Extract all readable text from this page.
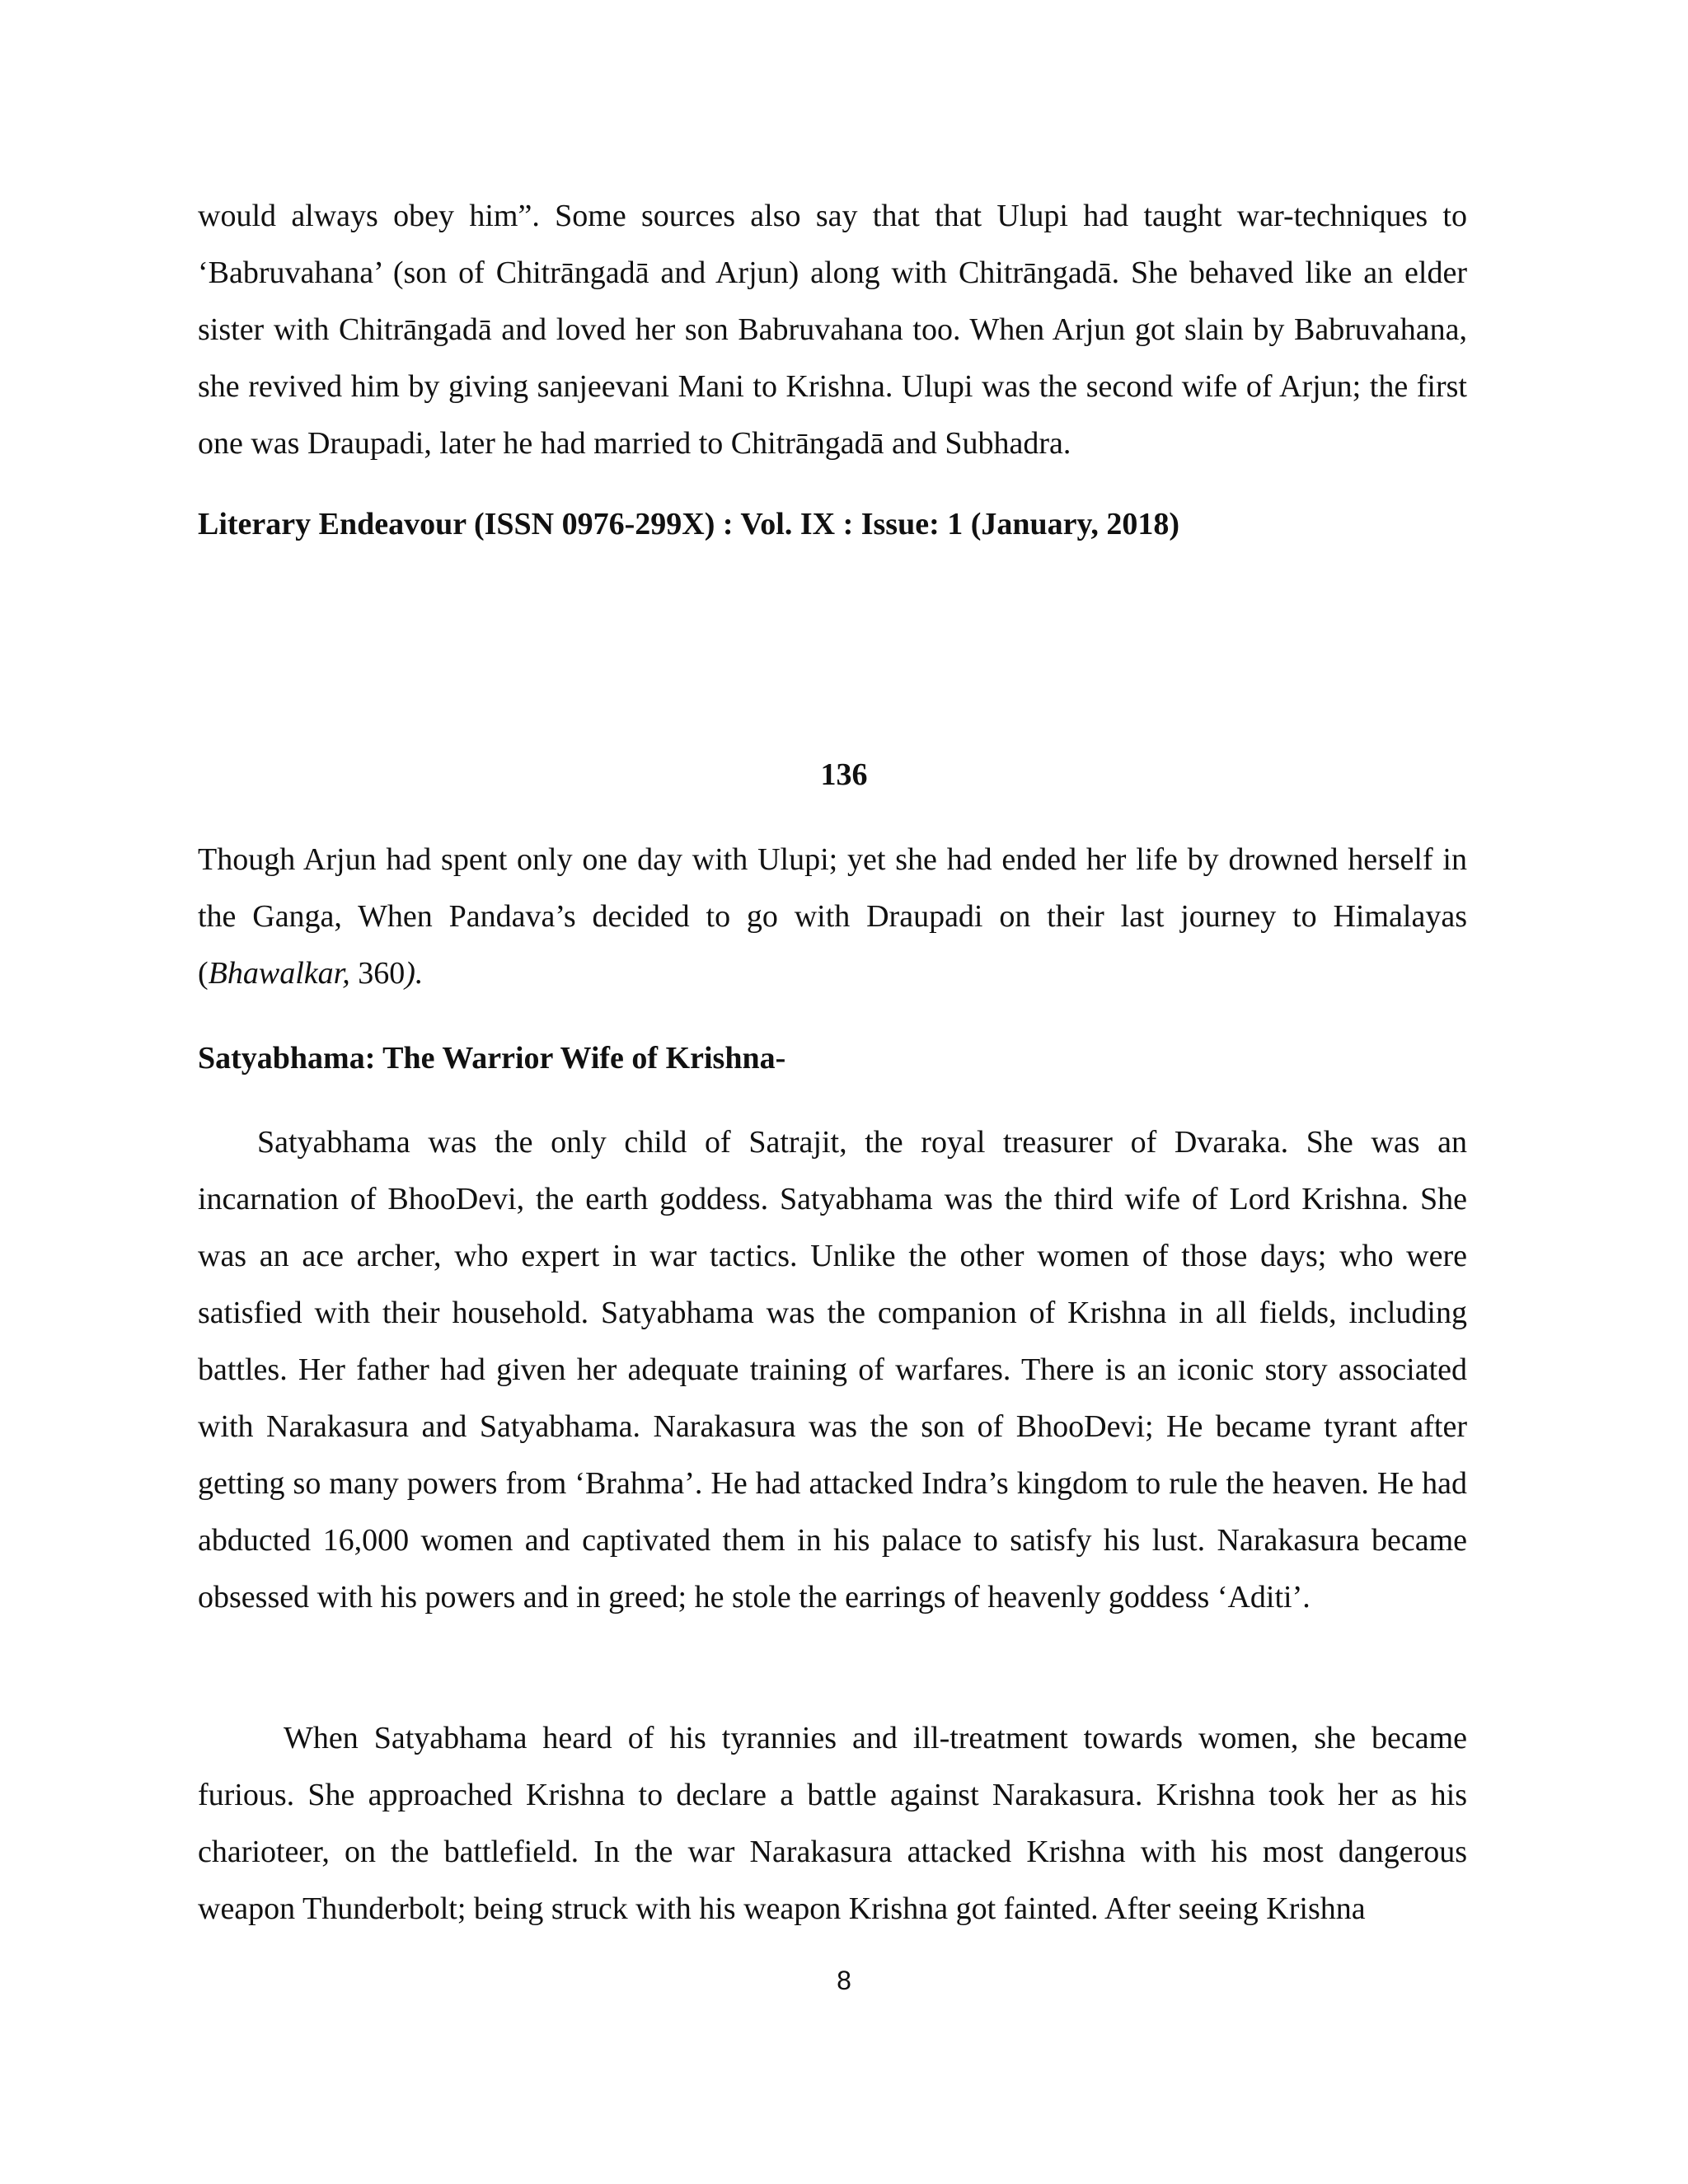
would always obey him”. Some sources also say that that Ulupi had taught war-techniques to ‘Babruvahana’ (son of Chitrāngadā and Arjun) along with Chitrāngadā. She behaved like an elder sister with Chitrāngadā and loved her son Babruvahana too. When Arjun got slain by Babruvahana, she revived him by giving sanjeevani Mani to Krishna. Ulupi was the second wife of Arjun; the first one was Draupadi, later he had married to Chitrāngadā and Subhadra.

Literary Endeavour (ISSN 0976-299X) : Vol. IX : Issue: 1 (January, 2018)

136

Though Arjun had spent only one day with Ulupi; yet she had ended her life by drowned herself in the Ganga, When Pandava’s decided to go with Draupadi on their last journey to Himalayas (Bhawalkar, 360).

Satyabhama: The Warrior Wife of Krishna-

Satyabhama was the only child of Satrajit, the royal treasurer of Dvaraka. She was an incarnation of BhooDevi, the earth goddess. Satyabhama was the third wife of Lord Krishna. She was an ace archer, who expert in war tactics. Unlike the other women of those days; who were satisfied with their household. Satyabhama was the companion of Krishna in all fields, including battles. Her father had given her adequate training of warfares. There is an iconic story associated with Narakasura and Satyabhama. Narakasura was the son of BhooDevi; He became tyrant after getting so many powers from ‘Brahma’. He had attacked Indra’s kingdom to rule the heaven. He had abducted 16,000 women and captivated them in his palace to satisfy his lust. Narakasura became obsessed with his powers and in greed; he stole the earrings of heavenly goddess ‘Aditi’.

When Satyabhama heard of his tyrannies and ill-treatment towards women, she became furious. She approached Krishna to declare a battle against Narakasura. Krishna took her as his charioteer, on the battlefield. In the war Narakasura attacked Krishna with his most dangerous weapon Thunderbolt; being struck with his weapon Krishna got fainted. After seeing Krishna

8
